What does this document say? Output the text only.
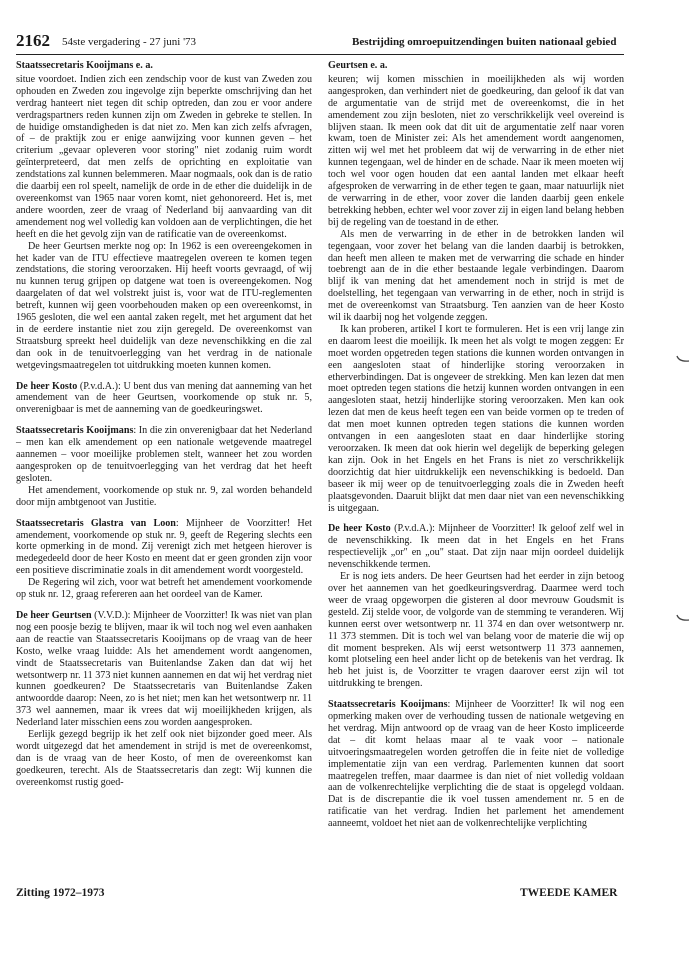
2162 54ste vergadering - 27 juni '73	Bestrijding omroepuitzendingen buiten nationaal gebied
Staatssecretaris Kooijmans e. a.

situe voordoet. Indien zich een zendschip voor de kust van Zweden zou ophouden en Zweden zou ingevolge zijn beperkte omschrijving dan het verdrag hanteert niet tegen dit schip optreden, dan zou er voor andere verdragspartners reden kunnen zijn om Zweden in gebreke te stellen. In de huidige omstandigheden is dat niet zo. Men kan zich zelfs afvragen, of – de praktijk zou er enige aanwijzing voor kunnen geven – het criterium „gevaar opleveren voor storing" niet zodanig ruim wordt geïnterpreteerd, dat men zelfs de oprichting en exploitatie van zendstations zal kunnen belemmeren. Maar nogmaals, ook dan is de ratio die daarbij een rol speelt, namelijk de orde in de ether die duidelijk in de overeenkomst van 1965 naar voren komt, niet gehonoreerd. Het is, met andere woorden, zeer de vraag of Nederland bij aanvaarding van dit amendement nog wel volledig kan voldoen aan de verplichtingen, die het heeft en die het gevolg zijn van de ratificatie van de overeenkomst.

De heer Geurtsen merkte nog op: In 1962 is een overeengekomen in het kader van de ITU effectieve maatregelen overeen te komen tegen zendstations, die storing veroorzaken. Hij heeft voorts gevraagd, of wij nu kunnen terug grijpen op datgene wat toen is overeengekomen. Nog daargelaten of dat wel volstrekt juist is, voor wat de ITU-reglementen betreft, kunnen wij geen voorbehouden maken op een overeenkomst, in 1965 gesloten, die wel een aantal zaken regelt, met het argument dat het in de eerdere instantie niet zou zijn geregeld. De overeenkomst van Straatsburg spreekt heel duidelijk van deze nevenschikking en die zal dan ook in de tenuitvoerlegging van het verdrag in de nationale wetgevingsmaatregelen tot uitdrukking moeten kunnen komen.

De heer Kosto (P.v.d.A.): U bent dus van mening dat aanneming van het amendement van de heer Geurtsen, voorkomende op stuk nr. 5, onverenigbaar is met de aanneming van de goedkeuringswet.

Staatssecretaris Kooijmans: In die zin onverenigbaar dat het Nederland – men kan elk amendement op een nationale wetgevende maatregel aannemen – voor moeilijke problemen stelt, wanneer het zou worden aangesproken op de tenuitvoerlegging van het verdrag dat het heeft gesloten.

Het amendement, voorkomende op stuk nr. 9, zal worden behandeld door mijn ambtgenoot van Justitie.

Staatssecretaris Glastra van Loon: Mijnheer de Voorzitter! Het amendement, voorkomende op stuk nr. 9, geeft de Regering slechts een korte opmerking in de mond. Zij verenigt zich met hetgeen hierover is medegedeeld door de heer Kosto en meent dat er geen gronden zijn voor een positieve discriminatie zoals in dit amendement wordt voorgesteld.

De Regering wil zich, voor wat betreft het amendement voorkomende op stuk nr. 12, graag refereren aan het oordeel van de Kamer.

De heer Geurtsen (V.V.D.): Mijnheer de Voorzitter! Ik was niet van plan nog een poosje bezig te blijven, maar ik wil toch nog wel even aanhaken aan de reactie van Staatssecretaris Kooijmans op de vraag van de heer Kosto, welke vraag luidde: Als het amendement wordt aangenomen, vindt de Staatssecretaris van Buitenlandse Zaken dan dat wij het wetsontwerp nr. 11 373 niet kunnen aannemen en dat wij het verdrag niet kunnen goedkeuren? De Staatssecretaris van Buitenlandse Zaken antwoordde daarop: Neen, zo is het niet; men kan het wetsontwerp nr. 11 373 wel aannemen, maar ik vrees dat wij moeilijkheden krijgen, als Nederland later misschien eens zou worden aangesproken.

Eerlijk gezegd begrijp ik het zelf ook niet bijzonder goed meer. Als wordt uitgezegd dat het amendement in strijd is met de overeenkomst, dan is de vraag van de heer Kosto, of men de overeenkomst kan goedkeuren, terecht. Als de Staatssecretaris dan zegt: Wij kunnen die overeenkomst rustig goed-

Geurtsen e. a.

keuren; wij komen misschien in moeilijkheden als wij worden aangesproken, dan verhindert niet de goedkeuring, dan geloof ik dat van de argumentatie van de strijd met de overeenkomst, die in het amendement zou zijn besloten, niet zo verschrikkelijk veel overeind is blijven staan. Ik meen ook dat dit uit de argumentatie zelf naar voren kwam, toen de Minister zei: Als het amendement wordt aangenomen, zitten wij wel met het probleem dat wij de verwarring in de ether niet kunnen tegengaan, wel de hinder en de schade. Naar ik meen moeten wij toch wel voor ogen houden dat een aantal landen met elkaar heeft afgesproken de verwarring in de ether tegen te gaan, maar natuurlijk niet de verwarring in de ether, voor zover die landen daarbij geen enkele betrekking hebben, echter wel voor zover zij in eigen land belang hebben bij de regeling van de toestand in de ether.

Als men de verwarring in de ether in de betrokken landen wil tegengaan, voor zover het belang van die landen daarbij is betrokken, dan heeft men alleen te maken met de verwarring die schade en hinder toebrengt aan de in die ether bestaande legale verbindingen. Daarom blijf ik van mening dat het amendement noch in strijd is met de doelstelling, het tegengaan van verwarring in de ether, noch in strijd is met de overeenkomst van Straatsburg. Ten aanzien van de heer Kosto wil ik daarbij nog het volgende zeggen.

Ik kan proberen, artikel I kort te formuleren. Het is een vrij lange zin en daarom leest die moeilijk. Ik meen het als volgt te mogen zeggen: Er moet worden opgetreden tegen stations die kunnen worden ontvangen in een aangesloten staat of hinderlijke storing veroorzaken in etherverbindingen. Dat is ongeveer de strekking. Men kan lezen dat men moet optreden tegen stations die hetzij kunnen worden ontvangen in een aangesloten staat, hetzij hinderlijke storing veroorzaken. Men kan ook lezen dat men de keus heeft tegen een van beide vormen op te treden of dat men moet kunnen optreden tegen stations die kunnen worden ontvangen in een aangesloten staat en daar hinderlijke storing veroorzaken. Ik meen dat ook hierin wel degelijk de beperking gelegen kan zijn. Ook in het Engels en het Frans is niet zo verschrikkelijk doorzichtig dat hier uitdrukkelijk een nevenschikking is bedoeld. Dan baseer ik mij weer op de tenuitvoerlegging zoals die in Zweden heeft plaatsgevonden. Daaruit blijkt dat men daar niet van een nevenschikking is uitgegaan.

De heer Kosto (P.v.d.A.): Mijnheer de Voorzitter! Ik geloof zelf wel in de nevenschikking. Ik meen dat in het Engels en het Frans respectievelijk „or" en „ou" staat. Dat zijn naar mijn oordeel duidelijk nevenschikkende termen.

Er is nog iets anders. De heer Geurtsen had het eerder in zijn betoog over het aannemen van het goedkeuringsverdrag. Daarmee werd toch weer de vraag opgeworpen die gisteren al door mevrouw Goudsmit is gesteld. Zij stelde voor, de volgorde van de stemming te veranderen. Wij kunnen eerst over wetsontwerp nr. 11 374 en dan over wetsontwerp nr. 11 373 stemmen. Dit is toch wel van belang voor de materie die wij op dit moment bespreken. Als wij eerst wetsontwerp 11 373 aannemen, komt plotseling een heel ander licht op de betekenis van het verdrag. Ik heb het juist is, de Voorzitter te vragen daarover eerst zijn wil tot uitdrukking te brengen.

Staatssecretaris Kooijmans: Mijnheer de Voorzitter! Ik wil nog een opmerking maken over de verhouding tussen de nationale wetgeving en het verdrag. Mijn antwoord op de vraag van de heer Kosto impliceerde dat – dit komt helaas maar al te vaak voor – nationale uitvoeringsmaatregelen worden getroffen die in feite niet de volledige implementatie zijn van een verdrag. Parlementen kunnen dat soort maatregelen treffen, maar daarmee is dan niet of niet volledig voldaan aan de volkenrechtelijke verplichting die de staat is opgelegd voldaan. Dat is de discrepantie die ik voel tussen amendement nr. 5 en de ratificatie van het verdrag. Indien het parlement het amendement aanneemt, voldoet het niet aan de volkenrechtelijke verplichting

Zitting 1972–1973	TWEEDE KAMER
